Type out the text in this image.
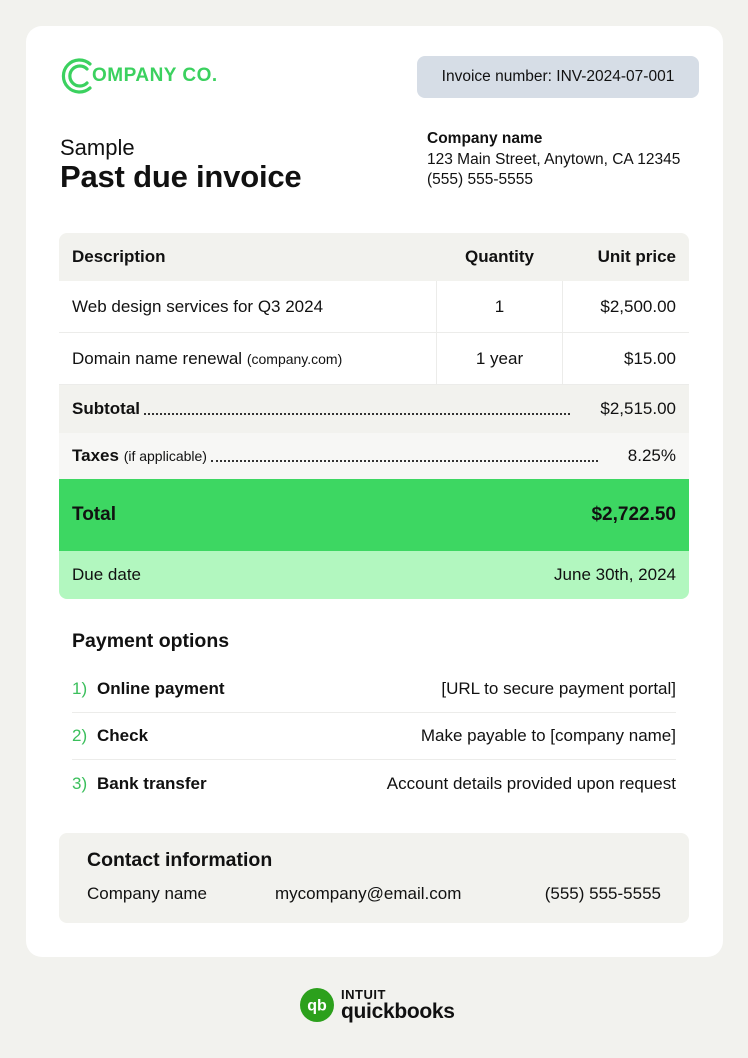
OMPANY CO.	Invoice number: INV-2024-07-001
Sample
Past due invoice
Company name
123 Main Street, Anytown, CA 12345
(555) 555-5555
Description	Quantity	Unit price
Web design services for Q3 2024	1	$2,500.00
Domain name renewal (company.com)	1 year	$15.00
Subtotal	$2,515.00
Taxes (if applicable)	8.25%
Total	$2,722.50
Due date	June 30th, 2024
Payment options
1) Online payment	[URL to secure payment portal]
2) Check	Make payable to [company name]
3) Bank transfer	Account details provided upon request
Contact information
Company name	mycompany@email.com	(555) 555-5555
qb
INTUIT
quickbooks
